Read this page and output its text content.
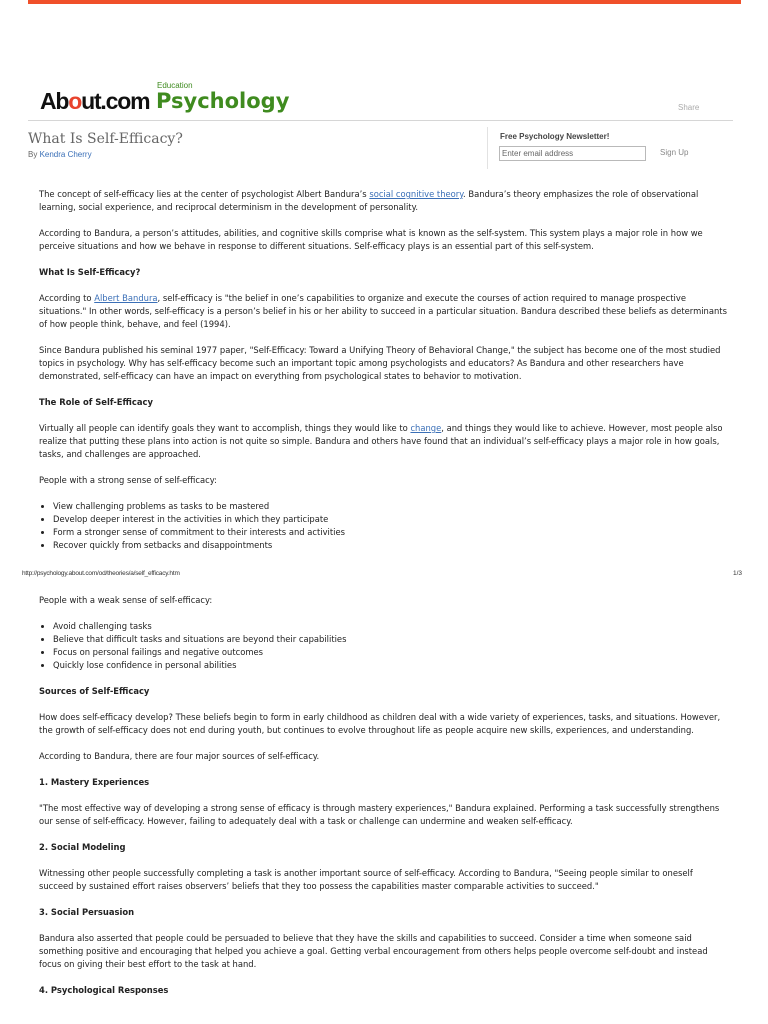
About.com
Education
Psychology	Share
What Is Self-Efficacy?
By Kendra Cherry
Free Psychology Newsletter!
Enter email address
Sign Up

The concept of self-efficacy lies at the center of psychologist Albert Bandura’s social cognitive theory. Bandura’s theory emphasizes the role of observational learning, social experience, and reciprocal determinism in the development of personality.

According to Bandura, a person’s attitudes, abilities, and cognitive skills comprise what is known as the self-system. This system plays a major role in how we perceive situations and how we behave in response to different situations. Self-efficacy plays is an essential part of this self-system.

What Is Self-Efficacy?

According to Albert Bandura, self-efficacy is "the belief in one’s capabilities to organize and execute the courses of action required to manage prospective situations." In other words, self-efficacy is a person’s belief in his or her ability to succeed in a particular situation. Bandura described these beliefs as determinants of how people think, behave, and feel (1994).

Since Bandura published his seminal 1977 paper, "Self-Efficacy: Toward a Unifying Theory of Behavioral Change," the subject has become one of the most studied topics in psychology. Why has self-efficacy become such an important topic among psychologists and educators? As Bandura and other researchers have demonstrated, self-efficacy can have an impact on everything from psychological states to behavior to motivation.

The Role of Self-Efficacy

Virtually all people can identify goals they want to accomplish, things they would like to change, and things they would like to achieve. However, most people also realize that putting these plans into action is not quite so simple. Bandura and others have found that an individual’s self-efficacy plays a major role in how goals, tasks, and challenges are approached.

People with a strong sense of self-efficacy:

• View challenging problems as tasks to be mastered
• Develop deeper interest in the activities in which they participate
• Form a stronger sense of commitment to their interests and activities
• Recover quickly from setbacks and disappointments
http://psychology.about.com/od/theories/a/self_efficacy.htm	1/3

People with a weak sense of self-efficacy:

• Avoid challenging tasks
• Believe that difficult tasks and situations are beyond their capabilities
• Focus on personal failings and negative outcomes
• Quickly lose confidence in personal abilities
Sources of Self-Efficacy

How does self-efficacy develop? These beliefs begin to form in early childhood as children deal with a wide variety of experiences, tasks, and situations. However, the growth of self-efficacy does not end during youth, but continues to evolve throughout life as people acquire new skills, experiences, and understanding.

According to Bandura, there are four major sources of self-efficacy.

1. Mastery Experiences

"The most effective way of developing a strong sense of efficacy is through mastery experiences," Bandura explained. Performing a task successfully strengthens our sense of self-efficacy. However, failing to adequately deal with a task or challenge can undermine and weaken self-efficacy.

2. Social Modeling

Witnessing other people successfully completing a task is another important source of self-efficacy. According to Bandura, "Seeing people similar to oneself succeed by sustained effort raises observers’ beliefs that they too possess the capabilities master comparable activities to succeed."

3. Social Persuasion

Bandura also asserted that people could be persuaded to believe that they have the skills and capabilities to succeed. Consider a time when someone said something positive and encouraging that helped you achieve a goal. Getting verbal encouragement from others helps people overcome self-doubt and instead focus on giving their best effort to the task at hand.

4. Psychological Responses
